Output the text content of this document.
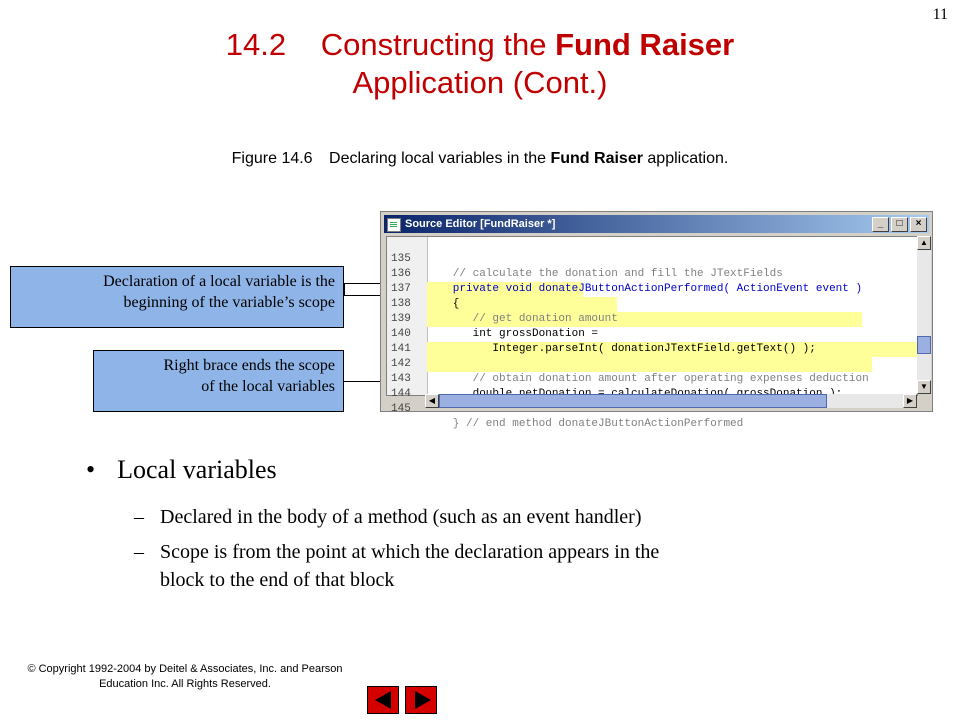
11
14.2 Constructing the Fund Raiser
Application (Cont.)
Figure 14.6 Declaring local variables in the Fund Raiser application.
Source Editor [FundRaiser *]	_	□	×

135

// calculate the donation and fill the JTextFields

136

private void donateJButtonActionPerformed( ActionEvent event )

137

{

138

// get donation amount

139

int grossDonation =

140

Integer.parseInt( donationJTextField.getText() );

141

142

// obtain donation amount after operating expenses deduction

143

144

145

} // end method donateJButtonActionPerformed

▲
▼
◀	▶
Declaration of a local variable is the
beginning of the variable’s scope
Right brace ends the scope
of the local variables
• Local variables
– Declared in the body of a method (such as an event handler)
– Scope is from the point at which the declaration appears in the
block to the end of that block
© Copyright 1992-2004 by Deitel & Associates, Inc. and Pearson
Education Inc. All Rights Reserved.
